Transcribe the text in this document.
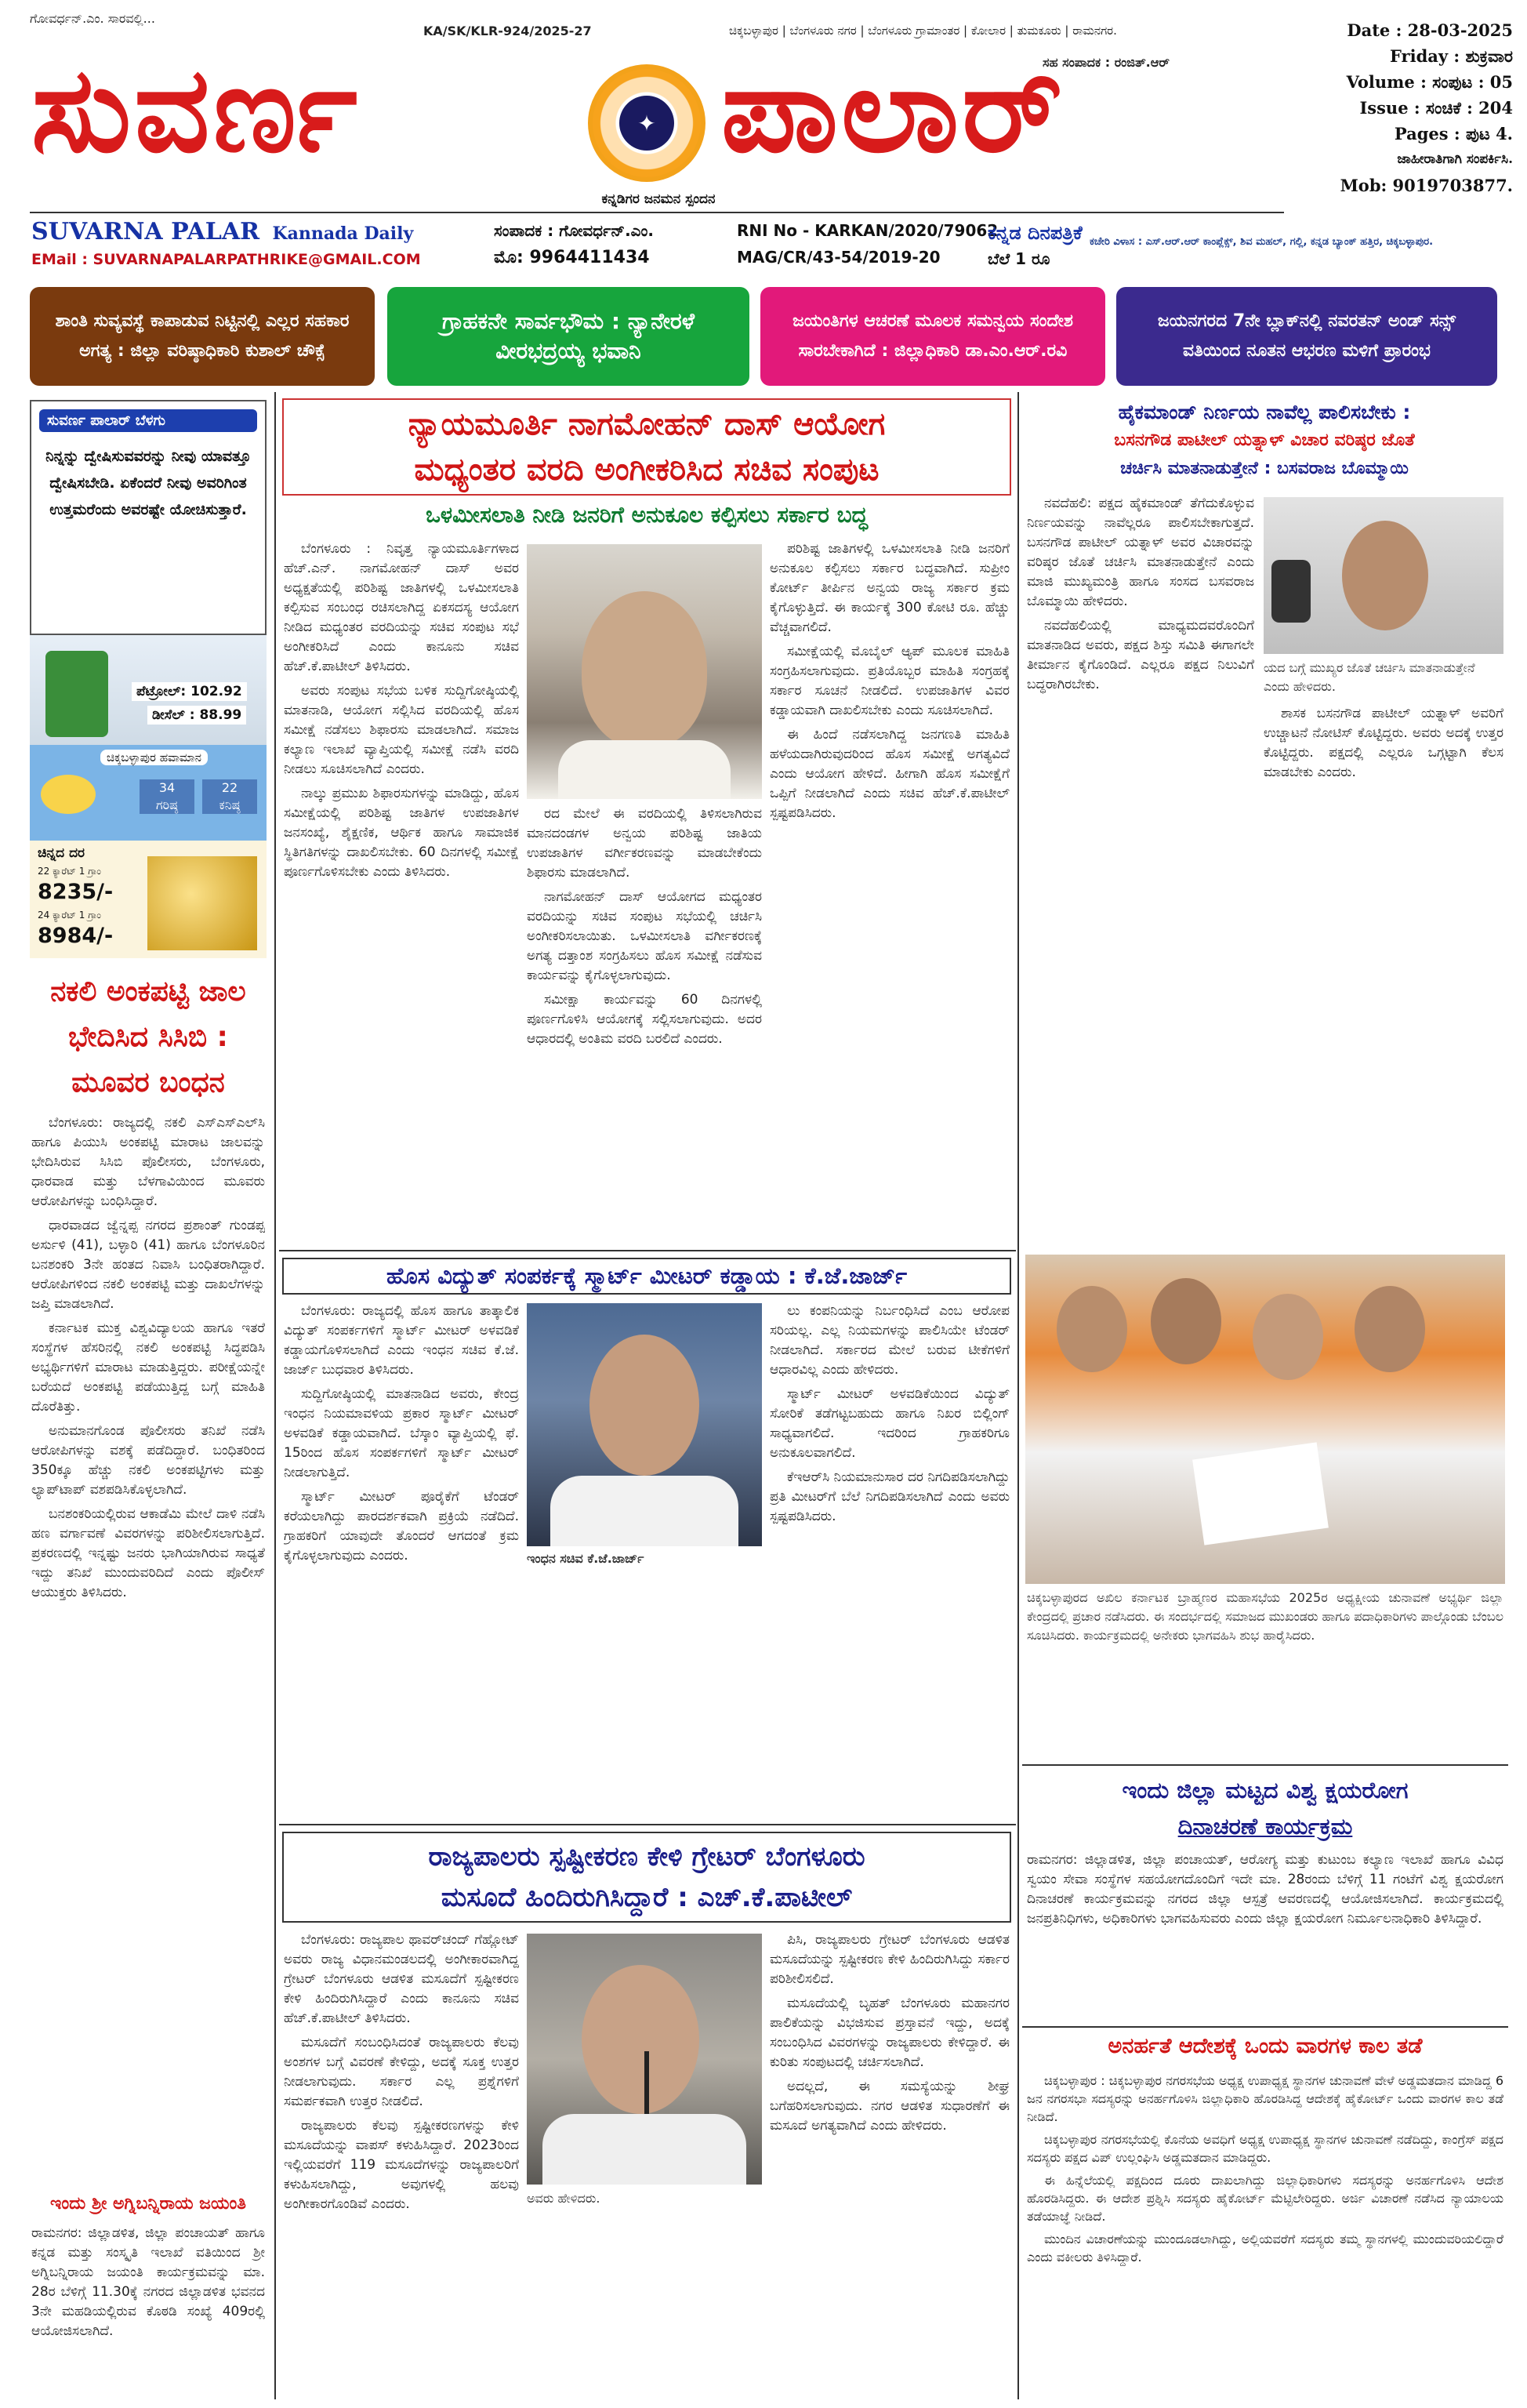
ಗೋವರ್ಧನ್.ಎಂ. ಸಾರವಲ್ಲಿ...
KA/SK/KLR-924/2025-27	ಚಿಕ್ಕಬಳ್ಳಾಪುರ | ಬೆಂಗಳೂರು ನಗರ | ಬೆಂಗಳೂರು ಗ್ರಾಮಾಂತರ | ಕೋಲಾರ | ತುಮಕೂರು | ರಾಮನಗರ.
ಸಹ ಸಂಪಾದಕ : ರಂಜಿತ್.ಆರ್
ಸುವರ್ಣ	✦ ಪಾಲಾರ್
ಕನ್ನಡಿಗರ ಜನಮನ ಸ್ಪಂದನ
Date : 28-03-2025
Friday : ಶುಕ್ರವಾರ
Volume : ಸಂಪುಟ : 05
Issue : ಸಂಚಿಕೆ : 204
Pages : ಪುಟ 4.
ಜಾಹೀರಾತಿಗಾಗಿ ಸಂಪರ್ಕಿಸಿ.
Mob: 9019703877.
SUVARNA PALAR Kannada Daily
EMail : SUVARNAPALARPATHRIKE@GMAIL.COM
ಸಂಪಾದಕ : ಗೋವರ್ಧನ್.ಎಂ.
ಮೊ: 9964411434
RNI No - KARKAN/2020/79062
MAG/CR/43-54/2019-20
ಕನ್ನಡ ದಿನಪತ್ರಿಕೆ
ಬೆಲೆ 1 ರೂ
ಕಚೇರಿ ವಿಳಾಸ : ಎಸ್.ಆರ್.ಆರ್ ಕಾಂಪ್ಲೆಕ್ಸ್, ಶಿವ ಮಹಲ್, ಗಲ್ಲಿ, ಕನ್ನಡ ಬ್ಯಾಂಕ್ ಹತ್ತಿರ, ಚಿಕ್ಕಬಳ್ಳಾಪುರ.
ಶಾಂತಿ ಸುವ್ಯವಸ್ಥೆ ಕಾಪಾಡುವ ನಿಟ್ಟಿನಲ್ಲಿ ಎಲ್ಲರ ಸಹಕಾರ ಅಗತ್ಯ : ಜಿಲ್ಲಾ ವರಿಷ್ಠಾಧಿಕಾರಿ ಕುಶಾಲ್ ಚೌಕ್ಸೆ
ಗ್ರಾಹಕನೇ ಸಾರ್ವಭೌಮ : ನ್ಯಾನೇರಳೆ ವೀರಭದ್ರಯ್ಯ ಭವಾನಿ
ಜಯಂತಿಗಳ ಆಚರಣೆ ಮೂಲಕ ಸಮನ್ವಯ ಸಂದೇಶ ಸಾರಬೇಕಾಗಿದೆ : ಜಿಲ್ಲಾಧಿಕಾರಿ ಡಾ.ಎಂ.ಆರ್.ರವಿ
ಜಯನಗರದ 7ನೇ ಬ್ಲಾಕ್‌ನಲ್ಲಿ ನವರತನ್ ಅಂಡ್ ಸನ್ಸ್ ವತಿಯಿಂದ ನೂತನ ಆಭರಣ ಮಳಿಗೆ ಪ್ರಾರಂಭ
ಸುವರ್ಣ ಪಾಲಾರ್ ಬೆಳಗು
ನಿನ್ನನ್ನು ದ್ವೇಷಿಸುವವರನ್ನು ನೀವು ಯಾವತ್ತೂ ದ್ವೇಷಿಸಬೇಡಿ. ಏಕೆಂದರೆ ನೀವು ಅವರಿಗಿಂತ ಉತ್ತಮರೆಂದು ಅವರಷ್ಟೇ ಯೋಚಿಸುತ್ತಾರೆ.
ಪೆಟ್ರೋಲ್: 102.92
ಡೀಸೆಲ್ : 88.99
ಚಿಕ್ಕಬಳ್ಳಾಪುರ ಹವಾಮಾನ
34
ಗರಿಷ್ಠ
22
ಕನಿಷ್ಠ
ಚಿನ್ನದ ದರ
22 ಕ್ಯಾರೆಟ್ 1 ಗ್ರಾಂ
8235/-
24 ಕ್ಯಾರೆಟ್ 1 ಗ್ರಾಂ
8984/-
ನಕಲಿ ಅಂಕಪಟ್ಟಿ ಜಾಲ ಭೇದಿಸಿದ ಸಿಸಿಬಿ : ಮೂವರ ಬಂಧನ

ಬೆಂಗಳೂರು: ರಾಜ್ಯದಲ್ಲಿ ನಕಲಿ ಎಸ್‌ಎಸ್‌ಎಲ್‌ಸಿ ಹಾಗೂ ಪಿಯುಸಿ ಅಂಕಪಟ್ಟಿ ಮಾರಾಟ ಜಾಲವನ್ನು ಭೇದಿಸಿರುವ ಸಿಸಿಬಿ ಪೊಲೀಸರು, ಬೆಂಗಳೂರು, ಧಾರವಾಡ ಮತ್ತು ಬೆಳಗಾವಿಯಿಂದ ಮೂವರು ಆರೋಪಿಗಳನ್ನು ಬಂಧಿಸಿದ್ದಾರೆ.

ಧಾರವಾಡದ ಜ್ವೆನ್ನಪ್ಪ ನಗರದ ಪ್ರಶಾಂತ್ ಗುಂಡಪ್ಪ ಅರ್ಸುಳಿ (41), ಬಳ್ಳಾರಿ (41) ಹಾಗೂ ಬೆಂಗಳೂರಿನ ಬನಶಂಕರಿ 3ನೇ ಹಂತದ ನಿವಾಸಿ ಬಂಧಿತರಾಗಿದ್ದಾರೆ. ಆರೋಪಿಗಳಿಂದ ನಕಲಿ ಅಂಕಪಟ್ಟಿ ಮತ್ತು ದಾಖಲೆಗಳನ್ನು ಜಪ್ತಿ ಮಾಡಲಾಗಿದೆ.

ಕರ್ನಾಟಕ ಮುಕ್ತ ವಿಶ್ವವಿದ್ಯಾಲಯ ಹಾಗೂ ಇತರೆ ಸಂಸ್ಥೆಗಳ ಹೆಸರಿನಲ್ಲಿ ನಕಲಿ ಅಂಕಪಟ್ಟಿ ಸಿದ್ಧಪಡಿಸಿ ಅಭ್ಯರ್ಥಿಗಳಿಗೆ ಮಾರಾಟ ಮಾಡುತ್ತಿದ್ದರು. ಪರೀಕ್ಷೆಯನ್ನೇ ಬರೆಯದೆ ಅಂಕಪಟ್ಟಿ ಪಡೆಯುತ್ತಿದ್ದ ಬಗ್ಗೆ ಮಾಹಿತಿ ದೊರೆತಿತ್ತು.

ಅನುಮಾನಗೊಂಡ ಪೊಲೀಸರು ತನಿಖೆ ನಡೆಸಿ ಆರೋಪಿಗಳನ್ನು ವಶಕ್ಕೆ ಪಡೆದಿದ್ದಾರೆ. ಬಂಧಿತರಿಂದ 350ಕ್ಕೂ ಹೆಚ್ಚು ನಕಲಿ ಅಂಕಪಟ್ಟಿಗಳು ಮತ್ತು ಲ್ಯಾಪ್‌ಟಾಪ್ ವಶಪಡಿಸಿಕೊಳ್ಳಲಾಗಿದೆ.

ಬನಶಂಕರಿಯಲ್ಲಿರುವ ಆಕಾಡೆಮಿ ಮೇಲೆ ದಾಳಿ ನಡೆಸಿ ಹಣ ವರ್ಗಾವಣೆ ವಿವರಗಳನ್ನು ಪರಿಶೀಲಿಸಲಾಗುತ್ತಿದೆ. ಪ್ರಕರಣದಲ್ಲಿ ಇನ್ನಷ್ಟು ಜನರು ಭಾಗಿಯಾಗಿರುವ ಸಾಧ್ಯತೆ ಇದ್ದು ತನಿಖೆ ಮುಂದುವರಿದಿದೆ ಎಂದು ಪೊಲೀಸ್ ಆಯುಕ್ತರು ತಿಳಿಸಿದರು.

ಇಂದು ಶ್ರೀ ಅಗ್ನಿಬನ್ನಿರಾಯ ಜಯಂತಿ
ರಾಮನಗರ: ಜಿಲ್ಲಾಡಳಿತ, ಜಿಲ್ಲಾ ಪಂಚಾಯತ್ ಹಾಗೂ ಕನ್ನಡ ಮತ್ತು ಸಂಸ್ಕೃತಿ ಇಲಾಖೆ ವತಿಯಿಂದ ಶ್ರೀ ಅಗ್ನಿಬನ್ನಿರಾಯ ಜಯಂತಿ ಕಾರ್ಯಕ್ರಮವನ್ನು ಮಾ. 28ರ ಬೆಳಿಗ್ಗೆ 11.30ಕ್ಕೆ ನಗರದ ಜಿಲ್ಲಾಡಳಿತ ಭವನದ 3ನೇ ಮಹಡಿಯಲ್ಲಿರುವ ಕೊಠಡಿ ಸಂಖ್ಯೆ 409ರಲ್ಲಿ ಆಯೋಜಿಸಲಾಗಿದೆ.
ನ್ಯಾಯಮೂರ್ತಿ ನಾಗಮೋಹನ್ ದಾಸ್ ಆಯೋಗ
ಮಧ್ಯಂತರ ವರದಿ ಅಂಗೀಕರಿಸಿದ ಸಚಿವ ಸಂಪುಟ
ಒಳಮೀಸಲಾತಿ ನೀಡಿ ಜನರಿಗೆ ಅನುಕೂಲ ಕಲ್ಪಿಸಲು ಸರ್ಕಾರ ಬದ್ಧ

ಬೆಂಗಳೂರು : ನಿವೃತ್ತ ನ್ಯಾಯಮೂರ್ತಿಗಳಾದ ಹೆಚ್.ಎನ್. ನಾಗಮೋಹನ್ ದಾಸ್ ಅವರ ಅಧ್ಯಕ್ಷತೆಯಲ್ಲಿ ಪರಿಶಿಷ್ಟ ಜಾತಿಗಳಲ್ಲಿ ಒಳಮೀಸಲಾತಿ ಕಲ್ಪಿಸುವ ಸಂಬಂಧ ರಚಿಸಲಾಗಿದ್ದ ಏಕಸದಸ್ಯ ಆಯೋಗ ನೀಡಿದ ಮಧ್ಯಂತರ ವರದಿಯನ್ನು ಸಚಿವ ಸಂಪುಟ ಸಭೆ ಅಂಗೀಕರಿಸಿದೆ ಎಂದು ಕಾನೂನು ಸಚಿವ ಹೆಚ್.ಕೆ.ಪಾಟೀಲ್ ತಿಳಿಸಿದರು.

ಅವರು ಸಂಪುಟ ಸಭೆಯ ಬಳಿಕ ಸುದ್ದಿಗೋಷ್ಠಿಯಲ್ಲಿ ಮಾತನಾಡಿ, ಆಯೋಗ ಸಲ್ಲಿಸಿದ ವರದಿಯಲ್ಲಿ ಹೊಸ ಸಮೀಕ್ಷೆ ನಡೆಸಲು ಶಿಫಾರಸು ಮಾಡಲಾಗಿದೆ. ಸಮಾಜ ಕಲ್ಯಾಣ ಇಲಾಖೆ ವ್ಯಾಪ್ತಿಯಲ್ಲಿ ಸಮೀಕ್ಷೆ ನಡೆಸಿ ವರದಿ ನೀಡಲು ಸೂಚಿಸಲಾಗಿದೆ ಎಂದರು.

ನಾಲ್ಕು ಪ್ರಮುಖ ಶಿಫಾರಸುಗಳನ್ನು ಮಾಡಿದ್ದು, ಹೊಸ ಸಮೀಕ್ಷೆಯಲ್ಲಿ ಪರಿಶಿಷ್ಟ ಜಾತಿಗಳ ಉಪಜಾತಿಗಳ ಜನಸಂಖ್ಯೆ, ಶೈಕ್ಷಣಿಕ, ಆರ್ಥಿಕ ಹಾಗೂ ಸಾಮಾಜಿಕ ಸ್ಥಿತಿಗತಿಗಳನ್ನು ದಾಖಲಿಸಬೇಕು. 60 ದಿನಗಳಲ್ಲಿ ಸಮೀಕ್ಷೆ ಪೂರ್ಣಗೊಳಿಸಬೇಕು ಎಂದು ತಿಳಿಸಿದರು.

ರದ ಮೇಲೆ ಈ ವರದಿಯಲ್ಲಿ ತಿಳಿಸಲಾಗಿರುವ ಮಾನದಂಡಗಳ ಅನ್ವಯ ಪರಿಶಿಷ್ಟ ಜಾತಿಯ ಉಪಜಾತಿಗಳ ವರ್ಗೀಕರಣವನ್ನು ಮಾಡಬೇಕೆಂದು ಶಿಫಾರಸು ಮಾಡಲಾಗಿದೆ.

ನಾಗಮೋಹನ್ ದಾಸ್ ಆಯೋಗದ ಮಧ್ಯಂತರ ವರದಿಯನ್ನು ಸಚಿವ ಸಂಪುಟ ಸಭೆಯಲ್ಲಿ ಚರ್ಚಿಸಿ ಅಂಗೀಕರಿಸಲಾಯಿತು. ಒಳಮೀಸಲಾತಿ ವರ್ಗೀಕರಣಕ್ಕೆ ಅಗತ್ಯ ದತ್ತಾಂಶ ಸಂಗ್ರಹಿಸಲು ಹೊಸ ಸಮೀಕ್ಷೆ ನಡೆಸುವ ಕಾರ್ಯವನ್ನು ಕೈಗೊಳ್ಳಲಾಗುವುದು.

ಸಮೀಕ್ಷಾ ಕಾರ್ಯವನ್ನು 60 ದಿನಗಳಲ್ಲಿ ಪೂರ್ಣಗೊಳಿಸಿ ಆಯೋಗಕ್ಕೆ ಸಲ್ಲಿಸಲಾಗುವುದು. ಅದರ ಆಧಾರದಲ್ಲಿ ಅಂತಿಮ ವರದಿ ಬರಲಿದೆ ಎಂದರು.

ಪರಿಶಿಷ್ಟ ಜಾತಿಗಳಲ್ಲಿ ಒಳಮೀಸಲಾತಿ ನೀಡಿ ಜನರಿಗೆ ಅನುಕೂಲ ಕಲ್ಪಿಸಲು ಸರ್ಕಾರ ಬದ್ಧವಾಗಿದೆ. ಸುಪ್ರೀಂ ಕೋರ್ಟ್ ತೀರ್ಪಿನ ಅನ್ವಯ ರಾಜ್ಯ ಸರ್ಕಾರ ಕ್ರಮ ಕೈಗೊಳ್ಳುತ್ತಿದೆ. ಈ ಕಾರ್ಯಕ್ಕೆ 300 ಕೋಟಿ ರೂ. ಹೆಚ್ಚು ವೆಚ್ಚವಾಗಲಿದೆ.

ಸಮೀಕ್ಷೆಯಲ್ಲಿ ಮೊಬೈಲ್ ಆ್ಯಪ್ ಮೂಲಕ ಮಾಹಿತಿ ಸಂಗ್ರಹಿಸಲಾಗುವುದು. ಪ್ರತಿಯೊಬ್ಬರ ಮಾಹಿತಿ ಸಂಗ್ರಹಕ್ಕೆ ಸರ್ಕಾರ ಸೂಚನೆ ನೀಡಲಿದೆ. ಉಪಜಾತಿಗಳ ವಿವರ ಕಡ್ಡಾಯವಾಗಿ ದಾಖಲಿಸಬೇಕು ಎಂದು ಸೂಚಿಸಲಾಗಿದೆ.

ಈ ಹಿಂದೆ ನಡೆಸಲಾಗಿದ್ದ ಜನಗಣತಿ ಮಾಹಿತಿ ಹಳೆಯದಾಗಿರುವುದರಿಂದ ಹೊಸ ಸಮೀಕ್ಷೆ ಅಗತ್ಯವಿದೆ ಎಂದು ಆಯೋಗ ಹೇಳಿದೆ. ಹೀಗಾಗಿ ಹೊಸ ಸಮೀಕ್ಷೆಗೆ ಒಪ್ಪಿಗೆ ನೀಡಲಾಗಿದೆ ಎಂದು ಸಚಿವ ಹೆಚ್.ಕೆ.ಪಾಟೀಲ್ ಸ್ಪಷ್ಟಪಡಿಸಿದರು.

ಹೊಸ ವಿದ್ಯುತ್ ಸಂಪರ್ಕಕ್ಕೆ ಸ್ಮಾರ್ಟ್ ಮೀಟರ್ ಕಡ್ಡಾಯ : ಕೆ.ಜೆ.ಜಾರ್ಜ್

ಬೆಂಗಳೂರು: ರಾಜ್ಯದಲ್ಲಿ ಹೊಸ ಹಾಗೂ ತಾತ್ಕಾಲಿಕ ವಿದ್ಯುತ್ ಸಂಪರ್ಕಗಳಿಗೆ ಸ್ಮಾರ್ಟ್ ಮೀಟರ್ ಅಳವಡಿಕೆ ಕಡ್ಡಾಯಗೊಳಿಸಲಾಗಿದೆ ಎಂದು ಇಂಧನ ಸಚಿವ ಕೆ.ಜೆ. ಜಾರ್ಜ್ ಬುಧವಾರ ತಿಳಿಸಿದರು.

ಸುದ್ದಿಗೋಷ್ಠಿಯಲ್ಲಿ ಮಾತನಾಡಿದ ಅವರು, ಕೇಂದ್ರ ಇಂಧನ ನಿಯಮಾವಳಿಯ ಪ್ರಕಾರ ಸ್ಮಾರ್ಟ್ ಮೀಟರ್ ಅಳವಡಿಕೆ ಕಡ್ಡಾಯವಾಗಿದೆ. ಬೆಸ್ಕಾಂ ವ್ಯಾಪ್ತಿಯಲ್ಲಿ ಫೆ. 15ರಿಂದ ಹೊಸ ಸಂಪರ್ಕಗಳಿಗೆ ಸ್ಮಾರ್ಟ್ ಮೀಟರ್ ನೀಡಲಾಗುತ್ತಿದೆ.

ಸ್ಮಾರ್ಟ್ ಮೀಟರ್ ಪೂರೈಕೆಗೆ ಟೆಂಡರ್ ಕರೆಯಲಾಗಿದ್ದು ಪಾರದರ್ಶಕವಾಗಿ ಪ್ರಕ್ರಿಯೆ ನಡೆದಿದೆ. ಗ್ರಾಹಕರಿಗೆ ಯಾವುದೇ ತೊಂದರೆ ಆಗದಂತೆ ಕ್ರಮ ಕೈಗೊಳ್ಳಲಾಗುವುದು ಎಂದರು.	ಇಂಧನ ಸಚಿವ ಕೆ.ಜೆ.ಜಾರ್ಜ್

ಲು ಕಂಪನಿಯನ್ನು ನಿರ್ಬಂಧಿಸಿದೆ ಎಂಬ ಆರೋಪ ಸರಿಯಲ್ಲ. ಎಲ್ಲ ನಿಯಮಗಳನ್ನು ಪಾಲಿಸಿಯೇ ಟೆಂಡರ್ ನೀಡಲಾಗಿದೆ. ಸರ್ಕಾರದ ಮೇಲೆ ಬರುವ ಟೀಕೆಗಳಿಗೆ ಆಧಾರವಿಲ್ಲ ಎಂದು ಹೇಳಿದರು.

ಸ್ಮಾರ್ಟ್ ಮೀಟರ್ ಅಳವಡಿಕೆಯಿಂದ ವಿದ್ಯುತ್ ಸೋರಿಕೆ ತಡೆಗಟ್ಟಬಹುದು ಹಾಗೂ ನಿಖರ ಬಿಲ್ಲಿಂಗ್ ಸಾಧ್ಯವಾಗಲಿದೆ. ಇದರಿಂದ ಗ್ರಾಹಕರಿಗೂ ಅನುಕೂಲವಾಗಲಿದೆ.

ಕೆಇಆರ್‌ಸಿ ನಿಯಮಾನುಸಾರ ದರ ನಿಗದಿಪಡಿಸಲಾಗಿದ್ದು ಪ್ರತಿ ಮೀಟರ್‌ಗೆ ಬೆಲೆ ನಿಗದಿಪಡಿಸಲಾಗಿದೆ ಎಂದು ಅವರು ಸ್ಪಷ್ಟಪಡಿಸಿದರು.

ರಾಜ್ಯಪಾಲರು ಸ್ಪಷ್ಟೀಕರಣ ಕೇಳಿ ಗ್ರೇಟರ್ ಬೆಂಗಳೂರು
ಮಸೂದೆ ಹಿಂದಿರುಗಿಸಿದ್ದಾರೆ : ಎಚ್.ಕೆ.ಪಾಟೀಲ್

ಬೆಂಗಳೂರು: ರಾಜ್ಯಪಾಲ ಥಾವರ್‌ಚಂದ್ ಗೆಹ್ಲೋಟ್ ಅವರು ರಾಜ್ಯ ವಿಧಾನಮಂಡಲದಲ್ಲಿ ಅಂಗೀಕಾರವಾಗಿದ್ದ ಗ್ರೇಟರ್ ಬೆಂಗಳೂರು ಆಡಳಿತ ಮಸೂದೆಗೆ ಸ್ಪಷ್ಟೀಕರಣ ಕೇಳಿ ಹಿಂದಿರುಗಿಸಿದ್ದಾರೆ ಎಂದು ಕಾನೂನು ಸಚಿವ ಹೆಚ್.ಕೆ.ಪಾಟೀಲ್ ತಿಳಿಸಿದರು.

ಮಸೂದೆಗೆ ಸಂಬಂಧಿಸಿದಂತೆ ರಾಜ್ಯಪಾಲರು ಕೆಲವು ಅಂಶಗಳ ಬಗ್ಗೆ ವಿವರಣೆ ಕೇಳಿದ್ದು, ಅದಕ್ಕೆ ಸೂಕ್ತ ಉತ್ತರ ನೀಡಲಾಗುವುದು. ಸರ್ಕಾರ ಎಲ್ಲ ಪ್ರಶ್ನೆಗಳಿಗೆ ಸಮರ್ಪಕವಾಗಿ ಉತ್ತರ ನೀಡಲಿದೆ.

ರಾಜ್ಯಪಾಲರು ಕೆಲವು ಸ್ಪಷ್ಟೀಕರಣಗಳನ್ನು ಕೇಳಿ ಮಸೂದೆಯನ್ನು ವಾಪಸ್ ಕಳುಹಿಸಿದ್ದಾರೆ. 2023ರಿಂದ ಇಲ್ಲಿಯವರೆಗೆ 119 ಮಸೂದೆಗಳನ್ನು ರಾಜ್ಯಪಾಲರಿಗೆ ಕಳುಹಿಸಲಾಗಿದ್ದು, ಅವುಗಳಲ್ಲಿ ಹಲವು ಅಂಗೀಕಾರಗೊಂಡಿವೆ ಎಂದರು.	ಅವರು ಹೇಳಿದರು.

ಪಿಸಿ, ರಾಜ್ಯಪಾಲರು ಗ್ರೇಟರ್ ಬೆಂಗಳೂರು ಆಡಳಿತ ಮಸೂದೆಯನ್ನು ಸ್ಪಷ್ಟೀಕರಣ ಕೇಳಿ ಹಿಂದಿರುಗಿಸಿದ್ದು ಸರ್ಕಾರ ಪರಿಶೀಲಿಸಲಿದೆ.

ಮಸೂದೆಯಲ್ಲಿ ಬೃಹತ್ ಬೆಂಗಳೂರು ಮಹಾನಗರ ಪಾಲಿಕೆಯನ್ನು ವಿಭಜಿಸುವ ಪ್ರಸ್ತಾವನೆ ಇದ್ದು, ಅದಕ್ಕೆ ಸಂಬಂಧಿಸಿದ ವಿವರಗಳನ್ನು ರಾಜ್ಯಪಾಲರು ಕೇಳಿದ್ದಾರೆ. ಈ ಕುರಿತು ಸಂಪುಟದಲ್ಲಿ ಚರ್ಚಿಸಲಾಗಿದೆ.

ಅದಲ್ಲದೆ, ಈ ಸಮಸ್ಯೆಯನ್ನು ಶೀಘ್ರ ಬಗೆಹರಿಸಲಾಗುವುದು. ನಗರ ಆಡಳಿತ ಸುಧಾರಣೆಗೆ ಈ ಮಸೂದೆ ಅಗತ್ಯವಾಗಿದೆ ಎಂದು ಹೇಳಿದರು.

ಹೈಕಮಾಂಡ್ ನಿರ್ಣಯ ನಾವೆಲ್ಲ ಪಾಲಿಸಬೇಕು :
ಬಸನಗೌಡ ಪಾಟೀಲ್ ಯತ್ನಾಳ್ ವಿಚಾರ ವರಿಷ್ಠರ ಜೊತೆ
ಚರ್ಚಿಸಿ ಮಾತನಾಡುತ್ತೇನೆ : ಬಸವರಾಜ ಬೊಮ್ಮಾಯಿ

ನವದೆಹಲಿ: ಪಕ್ಷದ ಹೈಕಮಾಂಡ್ ತೆಗೆದುಕೊಳ್ಳುವ ನಿರ್ಣಯವನ್ನು ನಾವೆಲ್ಲರೂ ಪಾಲಿಸಬೇಕಾಗುತ್ತದೆ. ಬಸನಗೌಡ ಪಾಟೀಲ್ ಯತ್ನಾಳ್ ಅವರ ವಿಚಾರವನ್ನು ವರಿಷ್ಠರ ಜೊತೆ ಚರ್ಚಿಸಿ ಮಾತನಾಡುತ್ತೇನೆ ಎಂದು ಮಾಜಿ ಮುಖ್ಯಮಂತ್ರಿ ಹಾಗೂ ಸಂಸದ ಬಸವರಾಜ ಬೊಮ್ಮಾಯಿ ಹೇಳಿದರು.

ನವದೆಹಲಿಯಲ್ಲಿ ಮಾಧ್ಯಮದವರೊಂದಿಗೆ ಮಾತನಾಡಿದ ಅವರು, ಪಕ್ಷದ ಶಿಸ್ತು ಸಮಿತಿ ಈಗಾಗಲೇ ತೀರ್ಮಾನ ಕೈಗೊಂಡಿದೆ. ಎಲ್ಲರೂ ಪಕ್ಷದ ನಿಲುವಿಗೆ ಬದ್ಧರಾಗಿರಬೇಕು.

ಯದ ಬಗ್ಗೆ ಮುಖ್ಯರ ಜೊತೆ ಚರ್ಚಿಸಿ ಮಾತನಾಡುತ್ತೇನೆ ಎಂದು ಹೇಳಿದರು.

ಶಾಸಕ ಬಸನಗೌಡ ಪಾಟೀಲ್ ಯತ್ನಾಳ್ ಅವರಿಗೆ ಉಚ್ಚಾಟನೆ ನೋಟಿಸ್ ಕೊಟ್ಟಿದ್ದರು. ಅವರು ಅದಕ್ಕೆ ಉತ್ತರ ಕೊಟ್ಟಿದ್ದರು. ಪಕ್ಷದಲ್ಲಿ ಎಲ್ಲರೂ ಒಗ್ಗಟ್ಟಾಗಿ ಕೆಲಸ ಮಾಡಬೇಕು ಎಂದರು.

ಚಿಕ್ಕಬಳ್ಳಾಪುರದ ಅಖಿಲ ಕರ್ನಾಟಕ ಬ್ರಾಹ್ಮಣರ ಮಹಾಸಭೆಯ 2025ರ ಅಧ್ಯಕ್ಷೀಯ ಚುನಾವಣೆ ಅಭ್ಯರ್ಥಿ ಜಿಲ್ಲಾ ಕೇಂದ್ರದಲ್ಲಿ ಪ್ರಚಾರ ನಡೆಸಿದರು. ಈ ಸಂದರ್ಭದಲ್ಲಿ ಸಮಾಜದ ಮುಖಂಡರು ಹಾಗೂ ಪದಾಧಿಕಾರಿಗಳು ಪಾಲ್ಗೊಂಡು ಬೆಂಬಲ ಸೂಚಿಸಿದರು. ಕಾರ್ಯಕ್ರಮದಲ್ಲಿ ಅನೇಕರು ಭಾಗವಹಿಸಿ ಶುಭ ಹಾರೈಸಿದರು.
ಇಂದು ಜಿಲ್ಲಾ ಮಟ್ಟದ ವಿಶ್ವ ಕ್ಷಯರೋಗ
ದಿನಾಚರಣೆ ಕಾರ್ಯಕ್ರಮ
ರಾಮನಗರ: ಜಿಲ್ಲಾಡಳಿತ, ಜಿಲ್ಲಾ ಪಂಚಾಯತ್, ಆರೋಗ್ಯ ಮತ್ತು ಕುಟುಂಬ ಕಲ್ಯಾಣ ಇಲಾಖೆ ಹಾಗೂ ವಿವಿಧ ಸ್ವಯಂ ಸೇವಾ ಸಂಸ್ಥೆಗಳ ಸಹಯೋಗದೊಂದಿಗೆ ಇದೇ ಮಾ. 28ರಂದು ಬೆಳಿಗ್ಗೆ 11 ಗಂಟೆಗೆ ವಿಶ್ವ ಕ್ಷಯರೋಗ ದಿನಾಚರಣೆ ಕಾರ್ಯಕ್ರಮವನ್ನು ನಗರದ ಜಿಲ್ಲಾ ಆಸ್ಪತ್ರೆ ಆವರಣದಲ್ಲಿ ಆಯೋಜಿಸಲಾಗಿದೆ. ಕಾರ್ಯಕ್ರಮದಲ್ಲಿ ಜನಪ್ರತಿನಿಧಿಗಳು, ಅಧಿಕಾರಿಗಳು ಭಾಗವಹಿಸುವರು ಎಂದು ಜಿಲ್ಲಾ ಕ್ಷಯರೋಗ ನಿರ್ಮೂಲನಾಧಿಕಾರಿ ತಿಳಿಸಿದ್ದಾರೆ.
ಅನರ್ಹತೆ ಆದೇಶಕ್ಕೆ ಒಂದು ವಾರಗಳ ಕಾಲ ತಡೆ

ಚಿಕ್ಕಬಳ್ಳಾಪುರ : ಚಿಕ್ಕಬಳ್ಳಾಪುರ ನಗರಸಭೆಯ ಅಧ್ಯಕ್ಷ ಉಪಾಧ್ಯಕ್ಷ ಸ್ಥಾನಗಳ ಚುನಾವಣೆ ವೇಳೆ ಅಡ್ಡಮತದಾನ ಮಾಡಿದ್ದ 6 ಜನ ನಗರಸಭಾ ಸದಸ್ಯರನ್ನು ಅನರ್ಹಗೊಳಿಸಿ ಜಿಲ್ಲಾಧಿಕಾರಿ ಹೊರಡಿಸಿದ್ದ ಆದೇಶಕ್ಕೆ ಹೈಕೋರ್ಟ್ ಒಂದು ವಾರಗಳ ಕಾಲ ತಡೆ ನೀಡಿದೆ.

ಚಿಕ್ಕಬಳ್ಳಾಪುರ ನಗರಸಭೆಯಲ್ಲಿ ಕೊನೆಯ ಅವಧಿಗೆ ಅಧ್ಯಕ್ಷ ಉಪಾಧ್ಯಕ್ಷ ಸ್ಥಾನಗಳ ಚುನಾವಣೆ ನಡೆದಿದ್ದು, ಕಾಂಗ್ರೆಸ್ ಪಕ್ಷದ ಸದಸ್ಯರು ಪಕ್ಷದ ವಿಪ್ ಉಲ್ಲಂಘಿಸಿ ಅಡ್ಡಮತದಾನ ಮಾಡಿದ್ದರು.

ಈ ಹಿನ್ನೆಲೆಯಲ್ಲಿ ಪಕ್ಷದಿಂದ ದೂರು ದಾಖಲಾಗಿದ್ದು ಜಿಲ್ಲಾಧಿಕಾರಿಗಳು ಸದಸ್ಯರನ್ನು ಅನರ್ಹಗೊಳಿಸಿ ಆದೇಶ ಹೊರಡಿಸಿದ್ದರು. ಈ ಆದೇಶ ಪ್ರಶ್ನಿಸಿ ಸದಸ್ಯರು ಹೈಕೋರ್ಟ್ ಮೆಟ್ಟಿಲೇರಿದ್ದರು. ಅರ್ಜಿ ವಿಚಾರಣೆ ನಡೆಸಿದ ನ್ಯಾಯಾಲಯ ತಡೆಯಾಜ್ಞೆ ನೀಡಿದೆ.

ಮುಂದಿನ ವಿಚಾರಣೆಯನ್ನು ಮುಂದೂಡಲಾಗಿದ್ದು, ಅಲ್ಲಿಯವರೆಗೆ ಸದಸ್ಯರು ತಮ್ಮ ಸ್ಥಾನಗಳಲ್ಲಿ ಮುಂದುವರಿಯಲಿದ್ದಾರೆ ಎಂದು ವಕೀಲರು ತಿಳಿಸಿದ್ದಾರೆ.
